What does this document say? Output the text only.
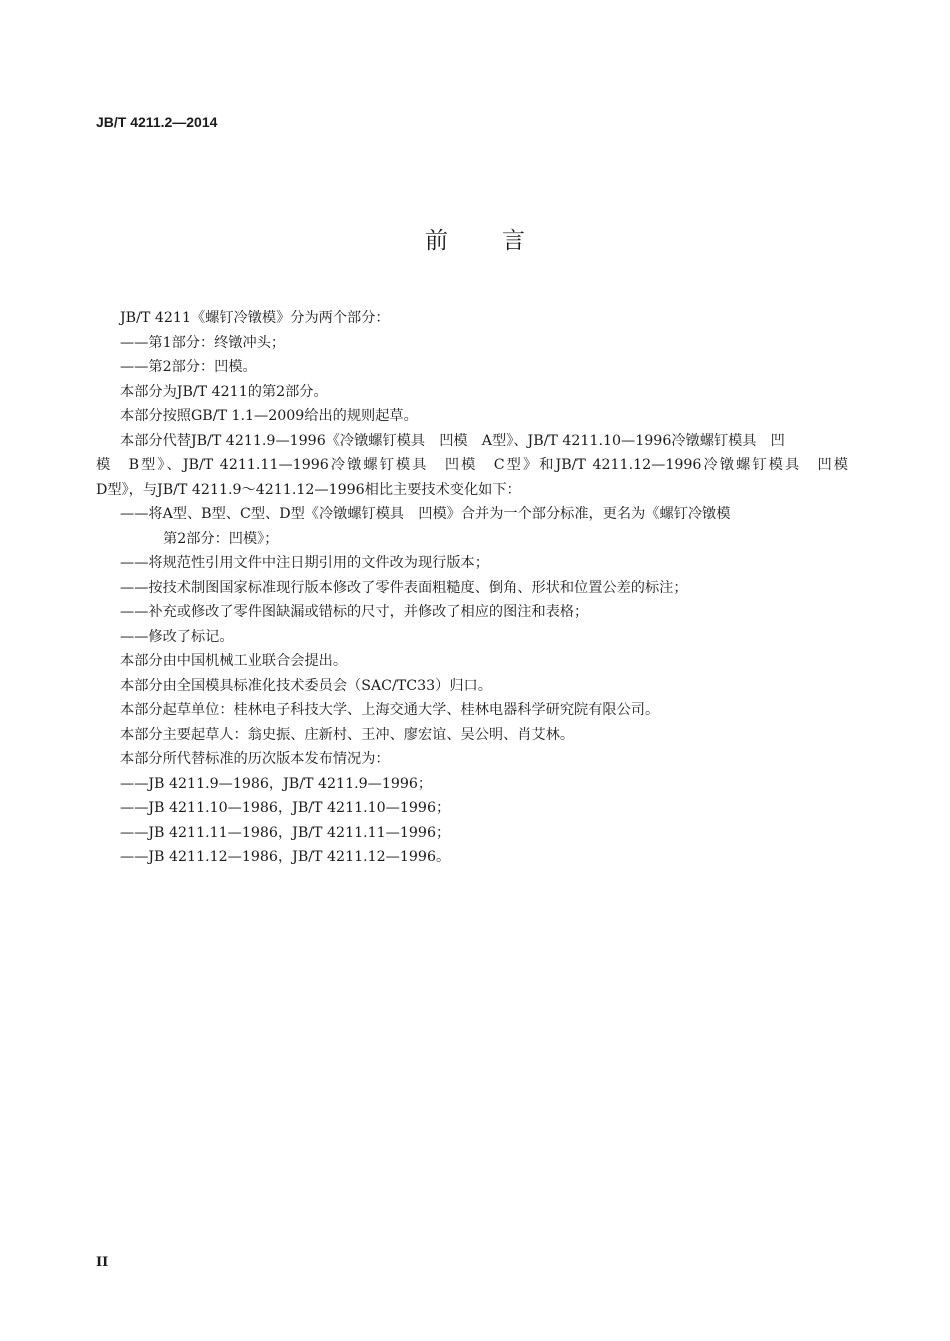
JB/T 4211.2—2014
前言
JB/T 4211《螺钉冷镦模》分为两个部分：
——第1部分：终镦冲头；
——第2部分：凹模。
本部分为JB/T 4211的第2部分。
本部分按照GB/T 1.1—2009给出的规则起草。
本部分代替JB/T 4211.9—1996《冷镦螺钉模具　凹模　A型》、JB/T 4211.10—1996冷镦螺钉模具　凹
模　B型》、JB/T 4211.11—1996冷镦螺钉模具　凹模　C型》和JB/T 4211.12—1996冷镦螺钉模具　凹模
D型》，与JB/T 4211.9～4211.12—1996相比主要技术变化如下：
——将A型、B型、C型、D型《冷镦螺钉模具　凹模》合并为一个部分标准，更名为《螺钉冷镦模
第2部分：凹模》；
——将规范性引用文件中注日期引用的文件改为现行版本；
——按技术制图国家标准现行版本修改了零件表面粗糙度、倒角、形状和位置公差的标注；
——补充或修改了零件图缺漏或错标的尺寸，并修改了相应的图注和表格；
——修改了标记。
本部分由中国机械工业联合会提出。
本部分由全国模具标准化技术委员会（SAC/TC33）归口。
本部分起草单位：桂林电子科技大学、上海交通大学、桂林电器科学研究院有限公司。
本部分主要起草人：翁史振、庄新村、王冲、廖宏谊、吴公明、肖艾林。
本部分所代替标准的历次版本发布情况为：
——JB 4211.9—1986，JB/T 4211.9—1996；
——JB 4211.10—1986，JB/T 4211.10—1996；
——JB 4211.11—1986，JB/T 4211.11—1996；
——JB 4211.12—1986，JB/T 4211.12—1996。
II
